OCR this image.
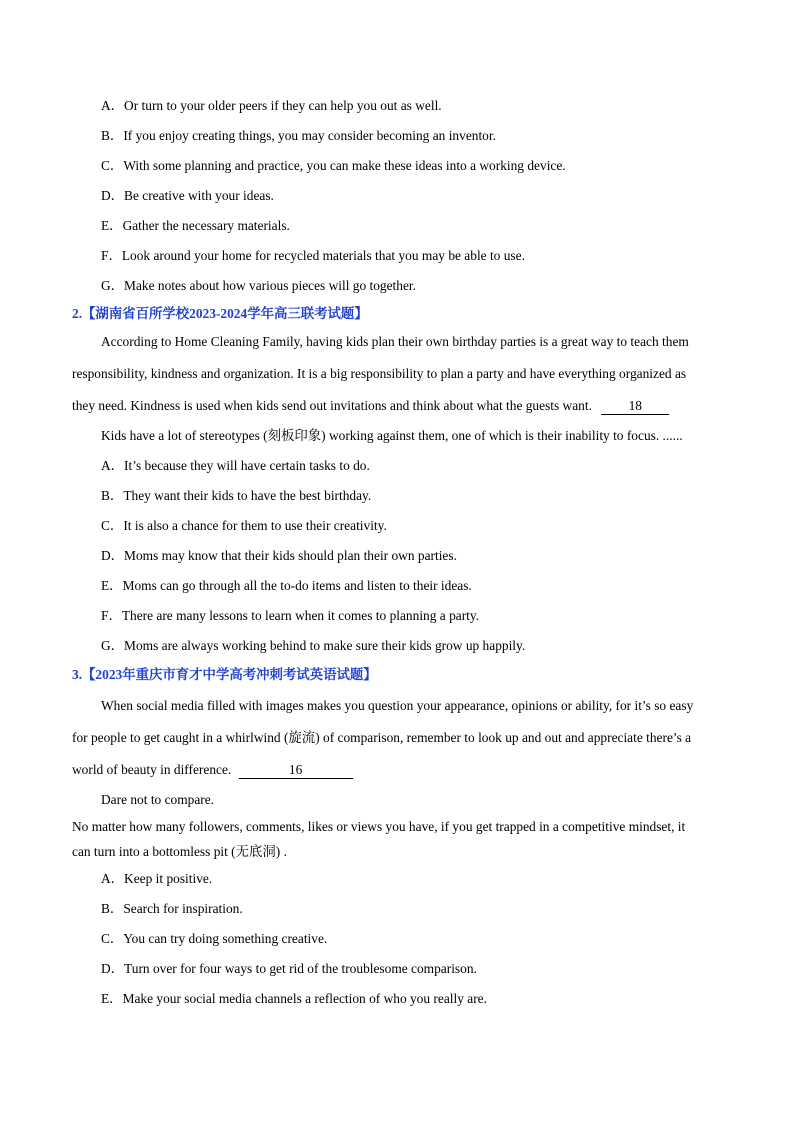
A．Or turn to your older peers if they can help you out as well.
B．If you enjoy creating things, you may consider becoming an inventor.
C．With some planning and practice, you can make these ideas into a working device.
D．Be creative with your ideas.
E．Gather the necessary materials.
F．Look around your home for recycled materials that you may be able to use.
G．Make notes about how various pieces will go together.
2.【湖南省百所学校2023-2024学年高三联考试题】
According to Home Cleaning Family, having kids plan their own birthday parties is a great way to teach them
responsibility, kindness and organization. It is a big responsibility to plan a party and have everything organized as
they need. Kindness is used when kids send out invitations and think about what the guests want.	18
Kids have a lot of stereotypes (刻板印象) working against them, one of which is their inability to focus. ......
A．It’s because they will have certain tasks to do.
B．They want their kids to have the best birthday.
C．It is also a chance for them to use their creativity.
D．Moms may know that their kids should plan their own parties.
E．Moms can go through all the to-do items and listen to their ideas.
F．There are many lessons to learn when it comes to planning a party.
G．Moms are always working behind to make sure their kids grow up happily.
3.【2023年重庆市育才中学高考冲刺考试英语试题】
When social media filled with images makes you question your appearance, opinions or ability, for it’s so easy
for people to get caught in a whirlwind (旋流) of comparison, remember to look up and out and appreciate there’s a
world of beauty in difference.	16
Dare not to compare.
No matter how many followers, comments, likes or views you have, if you get trapped in a competitive mindset, it
can turn into a bottomless pit (无底洞) .
A．Keep it positive.
B．Search for inspiration.
C．You can try doing something creative.
D．Turn over for four ways to get rid of the troublesome comparison.
E．Make your social media channels a reflection of who you really are.
